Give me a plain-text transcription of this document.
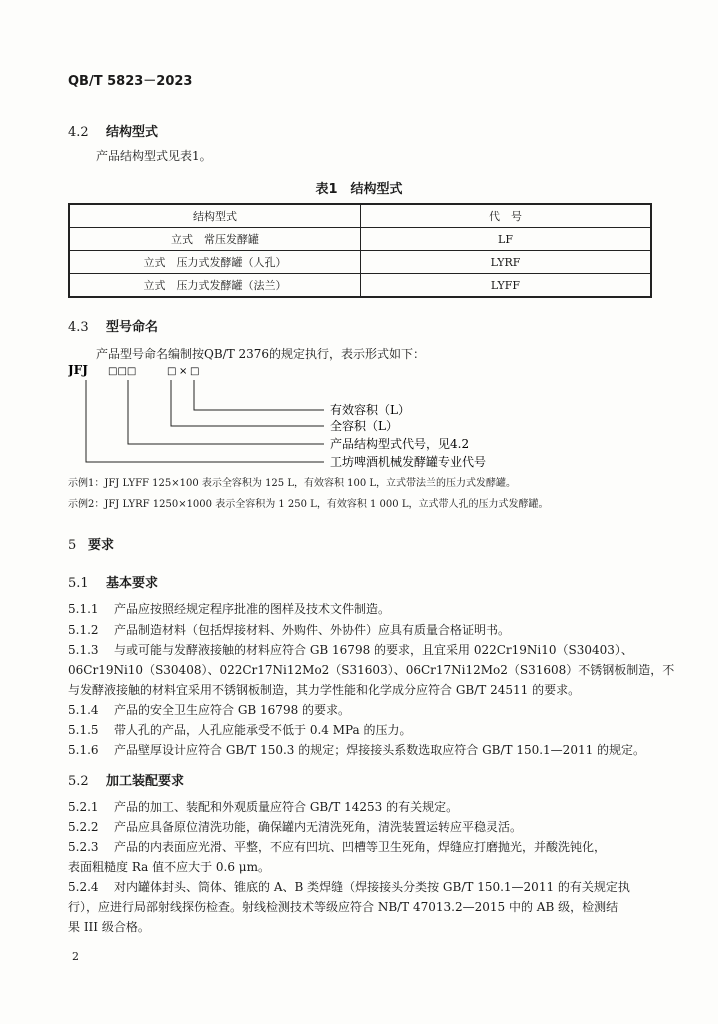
QB/T 5823－2023
4.2 结构型式
产品结构型式见表1。
表1　结构型式
结构型式	代　号
立式　常压发酵罐	LF
立式　压力式发酵罐（人孔）	LYRF
立式　压力式发酵罐（法兰）	LYFF
4.3 型号命名
产品型号命名编制按QB/T 2376的规定执行，表示形式如下：
JFJ □□□	□ × □
有效容积（L）
全容积（L）
产品结构型式代号，见4.2
工坊啤酒机械发酵罐专业代号
示例1：JFJ LYFF 125×100 表示全容积为 125 L，有效容积 100 L，立式带法兰的压力式发酵罐。
示例2：JFJ LYRF 1250×1000 表示全容积为 1 250 L，有效容积 1 000 L，立式带人孔的压力式发酵罐。
5 要求
5.1 基本要求
5.1.1 产品应按照经规定程序批准的图样及技术文件制造。
5.1.2 产品制造材料（包括焊接材料、外购件、外协件）应具有质量合格证明书。
5.1.3 与或可能与发酵液接触的材料应符合 GB 16798 的要求，且宜采用 022Cr19Ni10（S30403）、
06Cr19Ni10（S30408）、022Cr17Ni12Mo2（S31603）、06Cr17Ni12Mo2（S31608）不锈钢板制造，不
与发酵液接触的材料宜采用不锈钢板制造，其力学性能和化学成分应符合 GB/T 24511 的要求。
5.1.4 产品的安全卫生应符合 GB 16798 的要求。
5.1.5 带人孔的产品，人孔应能承受不低于 0.4 MPa 的压力。
5.1.6 产品壁厚设计应符合 GB/T 150.3 的规定；焊接接头系数选取应符合 GB/T 150.1—2011 的规定。
5.2 加工装配要求
5.2.1 产品的加工、装配和外观质量应符合 GB/T 14253 的有关规定。
5.2.2 产品应具备原位清洗功能，确保罐内无清洗死角，清洗装置运转应平稳灵活。
5.2.3 产品的内表面应光滑、平整，不应有凹坑、凹槽等卫生死角，焊缝应打磨抛光，并酸洗钝化，
表面粗糙度 Ra 值不应大于 0.6 μm。
5.2.4 对内罐体封头、筒体、锥底的 A、B 类焊缝（焊接接头分类按 GB/T 150.1—2011 的有关规定执
行），应进行局部射线探伤检查。射线检测技术等级应符合 NB/T 47013.2—2015 中的 AB 级，检测结
果 III 级合格。
2
